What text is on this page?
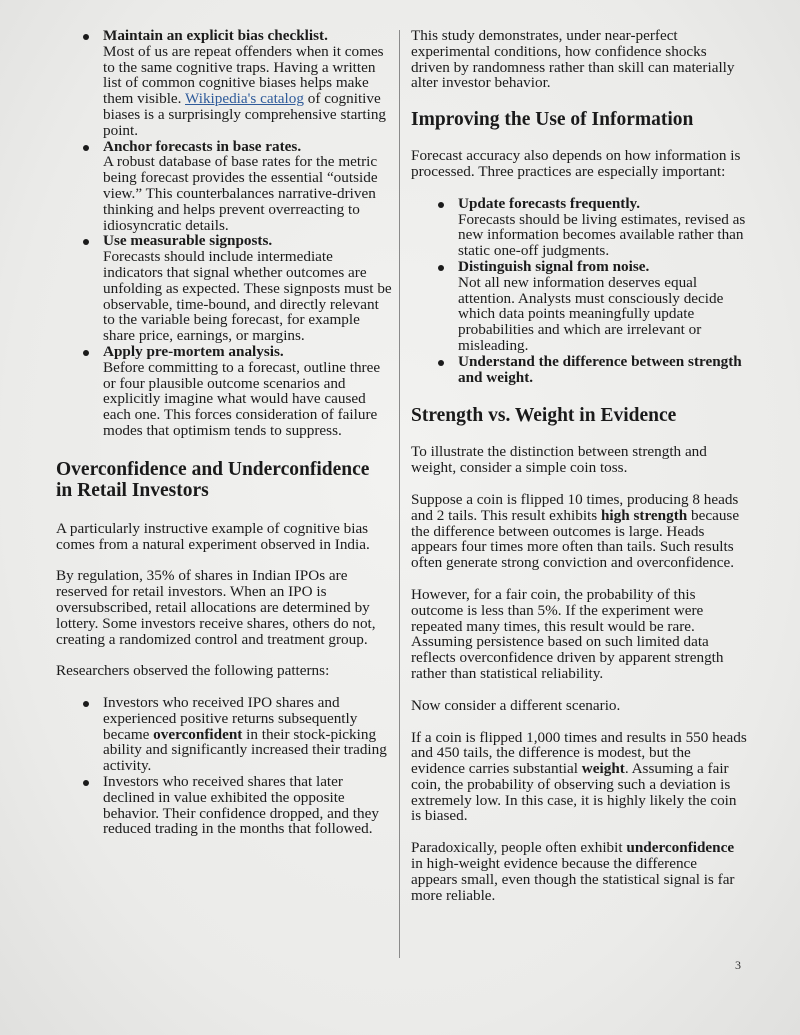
Maintain an explicit bias checklist.
Most of us are repeat offenders when it comes to the same cognitive traps. Having a written list of common cognitive biases helps make them visible. Wikipedia's catalog of cognitive biases is a surprisingly comprehensive starting point.
Anchor forecasts in base rates.
A robust database of base rates for the metric being forecast provides the essential “outside view.” This counterbalances narrative-driven thinking and helps prevent overreacting to idiosyncratic details.
Use measurable signposts.
Forecasts should include intermediate indicators that signal whether outcomes are unfolding as expected. These signposts must be observable, time-bound, and directly relevant to the variable being forecast, for example share price, earnings, or margins.
Apply pre-mortem analysis.
Before committing to a forecast, outline three or four plausible outcome scenarios and explicitly imagine what would have caused each one. This forces consideration of failure modes that optimism tends to suppress.
Overconfidence and Underconfidence in Retail Investors

A particularly instructive example of cognitive bias comes from a natural experiment observed in India.

By regulation, 35% of shares in Indian IPOs are reserved for retail investors. When an IPO is oversubscribed, retail allocations are determined by lottery. Some investors receive shares, others do not, creating a randomized control and treatment group.

Researchers observed the following patterns:

Investors who received IPO shares and experienced positive returns subsequently became overconfident in their stock-picking ability and significantly increased their trading activity.
Investors who received shares that later declined in value exhibited the opposite behavior. Their confidence dropped, and they reduced trading in the months that followed.

This study demonstrates, under near-perfect experimental conditions, how confidence shocks driven by randomness rather than skill can materially alter investor behavior.

Improving the Use of Information

Forecast accuracy also depends on how information is processed. Three practices are especially important:

Update forecasts frequently.
Forecasts should be living estimates, revised as new information becomes available rather than static one-off judgments.
Distinguish signal from noise.
Not all new information deserves equal attention. Analysts must consciously decide which data points meaningfully update probabilities and which are irrelevant or misleading.
Understand the difference between strength and weight.
Strength vs. Weight in Evidence

To illustrate the distinction between strength and weight, consider a simple coin toss.

Suppose a coin is flipped 10 times, producing 8 heads and 2 tails. This result exhibits high strength because the difference between outcomes is large. Heads appears four times more often than tails. Such results often generate strong conviction and overconfidence.

However, for a fair coin, the probability of this outcome is less than 5%. If the experiment were repeated many times, this result would be rare. Assuming persistence based on such limited data reflects overconfidence driven by apparent strength rather than statistical reliability.

Now consider a different scenario.

If a coin is flipped 1,000 times and results in 550 heads and 450 tails, the difference is modest, but the evidence carries substantial weight. Assuming a fair coin, the probability of observing such a deviation is extremely low. In this case, it is highly likely the coin is biased.

Paradoxically, people often exhibit underconfidence in high-weight evidence because the difference appears small, even though the statistical signal is far more reliable.

3
